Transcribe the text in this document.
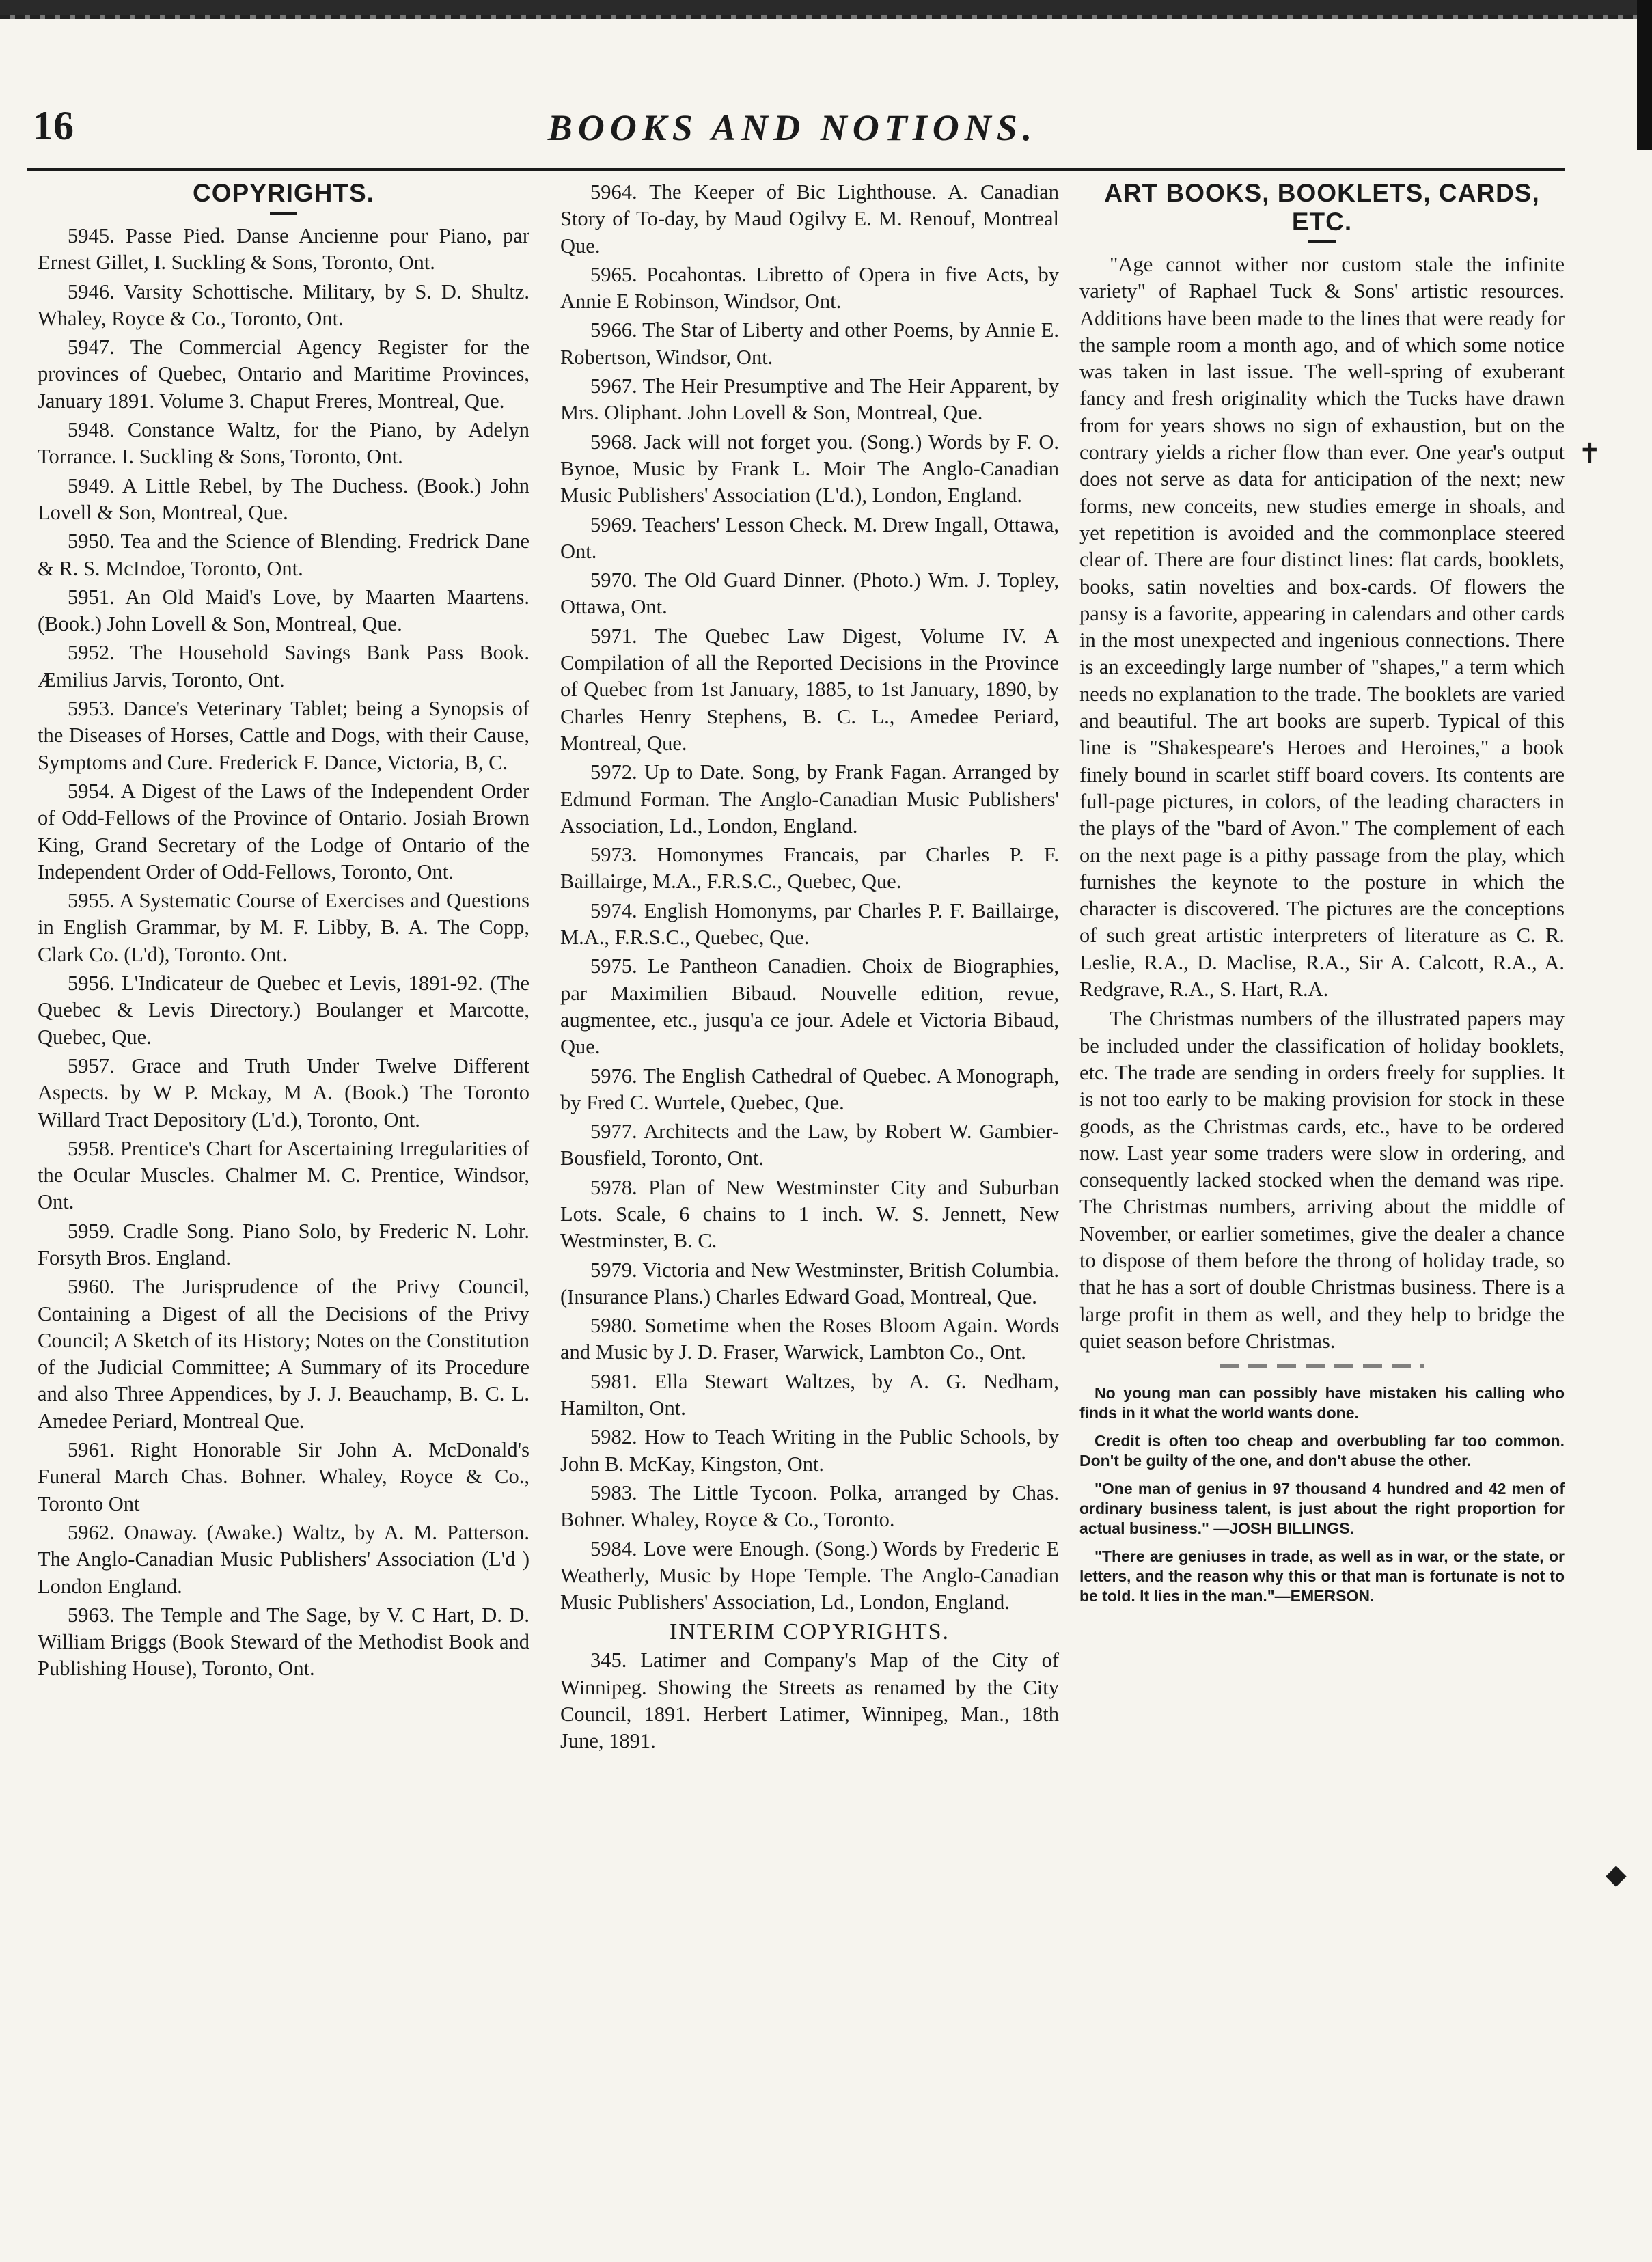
16	BOOKS AND NOTIONS.
COPYRIGHTS.

5945. Passe Pied. Danse Ancienne pour Piano, par Ernest Gillet, I. Suckling & Sons, Toronto, Ont.

5946. Varsity Schottische. Military, by S. D. Shultz. Whaley, Royce & Co., Toronto, Ont.

5947. The Commercial Agency Register for the provinces of Quebec, Ontario and Maritime Provinces, January 1891. Volume 3. Chaput Freres, Montreal, Que.

5948. Constance Waltz, for the Piano, by Adelyn Torrance. I. Suckling & Sons, Toronto, Ont.

5949. A Little Rebel, by The Duchess. (Book.) John Lovell & Son, Montreal, Que.

5950. Tea and the Science of Blending. Fredrick Dane & R. S. McIndoe, Toronto, Ont.

5951. An Old Maid's Love, by Maarten Maartens. (Book.) John Lovell & Son, Montreal, Que.

5952. The Household Savings Bank Pass Book. Æmilius Jarvis, Toronto, Ont.

5953. Dance's Veterinary Tablet; being a Synopsis of the Diseases of Horses, Cattle and Dogs, with their Cause, Symptoms and Cure. Frederick F. Dance, Victoria, B, C.

5954. A Digest of the Laws of the Independent Order of Odd-Fellows of the Province of Ontario. Josiah Brown King, Grand Secretary of the Lodge of Ontario of the Independent Order of Odd-Fellows, Toronto, Ont.

5955. A Systematic Course of Exercises and Questions in English Grammar, by M. F. Libby, B. A. The Copp, Clark Co. (L'd), Toronto. Ont.

5956. L'Indicateur de Quebec et Levis, 1891-92. (The Quebec & Levis Directory.) Boulanger et Marcotte, Quebec, Que.

5957. Grace and Truth Under Twelve Different Aspects. by W P. Mckay, M A. (Book.) The Toronto Willard Tract Depository (L'd.), Toronto, Ont.

5958. Prentice's Chart for Ascertaining Irregularities of the Ocular Muscles. Chalmer M. C. Prentice, Windsor, Ont.

5959. Cradle Song. Piano Solo, by Frederic N. Lohr. Forsyth Bros. England.

5960. The Jurisprudence of the Privy Council, Containing a Digest of all the Decisions of the Privy Council; A Sketch of its History; Notes on the Constitution of the Judicial Committee; A Summary of its Procedure and also Three Appendices, by J. J. Beauchamp, B. C. L. Amedee Periard, Montreal Que.

5961. Right Honorable Sir John A. McDonald's Funeral March Chas. Bohner. Whaley, Royce & Co., Toronto Ont

5962. Onaway. (Awake.) Waltz, by A. M. Patterson. The Anglo-Canadian Music Publishers' Association (L'd ) London England.

5963. The Temple and The Sage, by V. C Hart, D. D. William Briggs (Book Steward of the Methodist Book and Publishing House), Toronto, Ont.

5964. The Keeper of Bic Lighthouse. A. Canadian Story of To-day, by Maud Ogilvy E. M. Renouf, Montreal Que.

5965. Pocahontas. Libretto of Opera in five Acts, by Annie E Robinson, Windsor, Ont.

5966. The Star of Liberty and other Poems, by Annie E. Robertson, Windsor, Ont.

5967. The Heir Presumptive and The Heir Apparent, by Mrs. Oliphant. John Lovell & Son, Montreal, Que.

5968. Jack will not forget you. (Song.) Words by F. O. Bynoe, Music by Frank L. Moir The Anglo-Canadian Music Publishers' Association (L'd.), London, England.

5969. Teachers' Lesson Check. M. Drew Ingall, Ottawa, Ont.

5970. The Old Guard Dinner. (Photo.) Wm. J. Topley, Ottawa, Ont.

5971. The Quebec Law Digest, Volume IV. A Compilation of all the Reported Decisions in the Province of Quebec from 1st January, 1885, to 1st January, 1890, by Charles Henry Stephens, B. C. L., Amedee Periard, Montreal, Que.

5972. Up to Date. Song, by Frank Fagan. Arranged by Edmund Forman. The Anglo-Canadian Music Publishers' Association, Ld., London, England.

5973. Homonymes Francais, par Charles P. F. Baillairge, M.A., F.R.S.C., Quebec, Que.

5974. English Homonyms, par Charles P. F. Baillairge, M.A., F.R.S.C., Quebec, Que.

5975. Le Pantheon Canadien. Choix de Biographies, par Maximilien Bibaud. Nouvelle edition, revue, augmentee, etc., jusqu'a ce jour. Adele et Victoria Bibaud, Que.

5976. The English Cathedral of Quebec. A Monograph, by Fred C. Wurtele, Quebec, Que.

5977. Architects and the Law, by Robert W. Gambier-Bousfield, Toronto, Ont.

5978. Plan of New Westminster City and Suburban Lots. Scale, 6 chains to 1 inch. W. S. Jennett, New Westminster, B. C.

5979. Victoria and New Westminster, British Columbia. (Insurance Plans.) Charles Edward Goad, Montreal, Que.

5980. Sometime when the Roses Bloom Again. Words and Music by J. D. Fraser, Warwick, Lambton Co., Ont.

5981. Ella Stewart Waltzes, by A. G. Nedham, Hamilton, Ont.

5982. How to Teach Writing in the Public Schools, by John B. McKay, Kingston, Ont.

5983. The Little Tycoon. Polka, arranged by Chas. Bohner. Whaley, Royce & Co., Toronto.

5984. Love were Enough. (Song.) Words by Frederic E Weatherly, Music by Hope Temple. The Anglo-Canadian Music Publishers' Association, Ld., London, England.

INTERIM COPYRIGHTS.

345. Latimer and Company's Map of the City of Winnipeg. Showing the Streets as renamed by the City Council, 1891. Herbert Latimer, Winnipeg, Man., 18th June, 1891.

ART BOOKS, BOOKLETS, CARDS, ETC.

"Age cannot wither nor custom stale the infinite variety" of Raphael Tuck & Sons' artistic resources. Additions have been made to the lines that were ready for the sample room a month ago, and of which some notice was taken in last issue. The well-spring of exuberant fancy and fresh originality which the Tucks have drawn from for years shows no sign of exhaustion, but on the contrary yields a richer flow than ever. One year's output does not serve as data for anticipation of the next; new forms, new conceits, new studies emerge in shoals, and yet repetition is avoided and the commonplace steered clear of. There are four distinct lines: flat cards, booklets, books, satin novelties and box-cards. Of flowers the pansy is a favorite, appearing in calendars and other cards in the most unexpected and ingenious connections. There is an exceedingly large number of "shapes," a term which needs no explanation to the trade. The booklets are varied and beautiful. The art books are superb. Typical of this line is "Shakespeare's Heroes and Heroines," a book finely bound in scarlet stiff board covers. Its contents are full-page pictures, in colors, of the leading characters in the plays of the "bard of Avon." The complement of each on the next page is a pithy passage from the play, which furnishes the keynote to the posture in which the character is discovered. The pictures are the conceptions of such great artistic interpreters of literature as C. R. Leslie, R.A., D. Maclise, R.A., Sir A. Calcott, R.A., A. Redgrave, R.A., S. Hart, R.A.

The Christmas numbers of the illustrated papers may be included under the classification of holiday booklets, etc. The trade are sending in orders freely for supplies. It is not too early to be making provision for stock in these goods, as the Christmas cards, etc., have to be ordered now. Last year some traders were slow in ordering, and consequently lacked stocked when the demand was ripe. The Christmas numbers, arriving about the middle of November, or earlier sometimes, give the dealer a chance to dispose of them before the throng of holiday trade, so that he has a sort of double Christmas business. There is a large profit in them as well, and they help to bridge the quiet season before Christmas.

No young man can possibly have mistaken his calling who finds in it what the world wants done.

Credit is often too cheap and overbubling far too common. Don't be guilty of the one, and don't abuse the other.

"One man of genius in 97 thousand 4 hundred and 42 men of ordinary business talent, is just about the right proportion for actual business." —JOSH BILLINGS.

"There are geniuses in trade, as well as in war, or the state, or letters, and the reason why this or that man is fortunate is not to be told. It lies in the man."—EMERSON.

✝
◆
